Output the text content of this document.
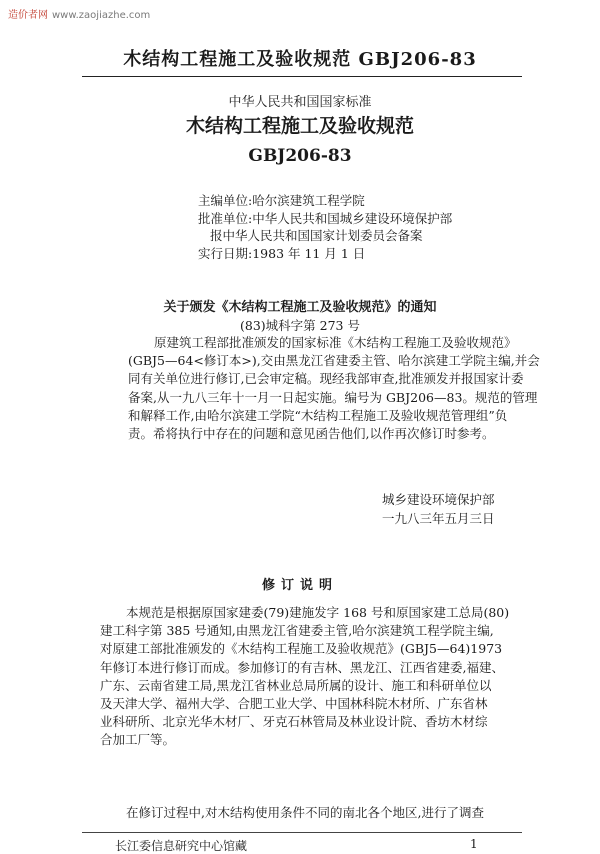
造价者网 www.zaojiazhe.com
木结构工程施工及验收规范 GBJ206-83
中华人民共和国国家标准
木结构工程施工及验收规范
GBJ206-83
主编单位:哈尔滨建筑工程学院
批准单位:中华人民共和国城乡建设环境保护部
报中华人民共和国国家计划委员会备案
实行日期:1983 年 11 月 1 日
关于颁发《木结构工程施工及验收规范》的通知
(83)城科字第 273 号
原建筑工程部批准颁发的国家标准《木结构工程施工及验收规范》
(GBJ5—64<修订本>),交由黑龙江省建委主管、哈尔滨建工学院主编,并会
同有关单位进行修订,已会审定稿。现经我部审查,批准颁发并报国家计委
备案,从一九八三年十一月一日起实施。编号为 GBJ206—83。规范的管理
和解释工作,由哈尔滨建工学院“木结构工程施工及验收规范管理组”负
责。希将执行中存在的问题和意见函告他们,以作再次修订时参考。
城乡建设环境保护部
一九八三年五月三日
修订说明
本规范是根据原国家建委(79)建施发字 168 号和原国家建工总局(80)
建工科字第 385 号通知,由黑龙江省建委主管,哈尔滨建筑工程学院主编,
对原建工部批准颁发的《木结构工程施工及验收规范》(GBJ5—64)1973
年修订本进行修订而成。参加修订的有吉林、黑龙江、江西省建委,福建、
广东、云南省建工局,黑龙江省林业总局所属的设计、施工和科研单位以
及天津大学、福州大学、合肥工业大学、中国林科院木材所、广东省林
业科研所、北京光华木材厂、牙克石林管局及林业设计院、香坊木材综
合加工厂等。
在修订过程中,对木结构使用条件不同的南北各个地区,进行了调查
长江委信息研究中心馆藏	1
